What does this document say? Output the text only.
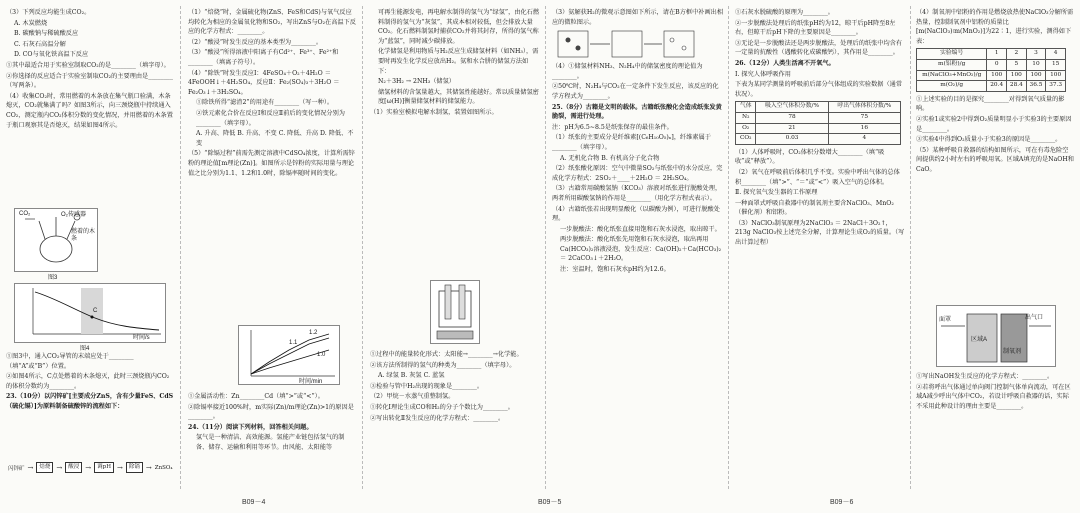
（3）下列反应均能生成CO₂。

A. 木炭燃烧

B. 碳酸钠与稀硫酸反应

C. 石灰石高温分解

D. CO与氧化铁高温下反应

①其中最适合用于实验室制取CO₂的是________（填字母）。

②你选择的反应适合于实验室制取CO₂的主要理由是________（写两条）。

（4）收集CO₂时，常用燃着的木条放在集气瓶口验满，木条熄灭，CO₂就集满了吗？如图3所示，向三颈烧瓶中持续通入CO₂，测定瓶内CO₂体积分数的变化情况，并用燃着的木条置于瓶口观察其是否熄灭，结果如图4所示。

CO₂	O₂传感器
燃着的木条
图3
C
时间/s
图4

①图3中，通入CO₂导管的末端应处于________（填“A”或“B”）位置。

②如图4所示，C点处燃着的木条熄灭，此时三颈烧瓶内CO₂的体积分数约为________。

23.（10分）以闪锌矿[主要成分ZnS，含有少量FeS、CdS（硫化镉）]为原料制备硫酸锌的流程如下：

闪锌矿 →	焙烧 →	酸浸 →	调pH →	除镉 → ZnSO₄

（1）“焙烧”时，金属硫化物(ZnS、FeS和CdS)与氧气反应均转化为相应的金属氧化物和SO₂，写出ZnS与O₂在高温下反应的化学方程式：________。

（2）“酸浸”时发生反应的基本类型为________。

（3）“酸浸”所得溶液中阳离子有Cd²⁺、Fe³⁺、Fe²⁺和________（填离子符号）。

（4）“除铁”时发生反应Ⅰ：4FeSO₄＋O₂＋4H₂O ＝ 4FeOOH↓＋4H₂SO₄，反应Ⅱ：Fe₂(SO₄)₃＋3H₂O ＝ Fe₂O₃↓＋3H₂SO₄。

①除铁所得“滤渣2”的用途有________（写一种）。

②铁元素化合价在反应Ⅰ和反应Ⅱ前后的变化情况分别为________（填字母）。

A. 升高、降低 B. 升高、不变 C. 降低、升高 D. 降低、不变

（5）“除镉过程”前需先测定溶液中CdSO₄浓度，计算所需锌粉的理论值[m理论(Zn)]。如图所示是锌粉的实际用量与理论值之比分别为1.1、1.2和1.0时，除镉率随时间的变化。

1.2
1.1
1.0
时间/min

①金属活动性：Zn________Cd（填“>”或“<”）。

②除镉率接近100%时，m实际(Zn)/m理论(Zn)>1的原因是________。

24.（11分）阅读下列材料，回答相关问题。

氢气是一种清洁、高效能源。氢能产业链包括氢气的制备、储存、运输和利用等环节。由风能、太阳能等

B09－4

可再生能源发电，再电解水制得的氢气为“绿氢”，由化石燃料制得的氢气为“灰氢”，其成本相对较低，但会排放大量CO₂。化石燃料制氢时捕获CO₂并将其封存，所得的氢气称为“蓝氢”，同时减少碳排放。

化学储氢是利用物质与H₂反应生成储氢材料（如NH₃），需要时再发生化学反应放出H₂。氨和水合肼的储氢方法如下：

N₂＋3H₂ → 2NH₃（储氢）

储氢材料的含氢量越大，其储氢性能越好。常以质量储氢密度[ω(H)]衡量储氢材料的储氢能力。

（1）实验室模拟电解水制氢，装置如图所示。

①过程中的能量转化形式：太阳能→________→化学能。

②该方法所制得的氢气的种类为________（填字母）。

A. 绿氢 B. 灰氢 C. 蓝氢

③检验与管中H₂出现的现象是________。

（2）甲烷－水蒸气重整制氢。

①转化Ⅰ理论生成CO和H₂的分子个数比为________。

②写出转化Ⅱ发生反应的化学方程式：________。

（3）氨解获H₂的微观示意图如下所示，请在B方框中补画出相应的微粒图示。

（4）①储氢材料NH₃、N₂H₄中的储氢密度的理论值为________。

②50℃时，N₂H₄与CO₂在一定条件下发生反应，该反应的化学方程式为________。

25.（8分）古籍是文明的载体。古籍纸张酸化会造成纸张发黄脆裂，需进行处理。

注：pH为6.5~8.5是纸张保存的最佳条件。

（1）纸张的主要成分是纤维素[(C₆H₁₀O₅)ₙ]，纤维素属于________（填字母）。

A. 无机化合物 B. 有机高分子化合物

（2）纸张酸化原因：空气中微量SO₂与纸张中的水分反应，完成化学方程式：2SO₂＋____＋2H₂O ＝ 2H₂SO₄。

（3）古籍常用碳酸氢钠（KCO₃）溶液对纸张进行脱酸处理，两者所用碳酸氢钠的作用是________（用化学方程式表示）。

（4）古籍纸张若出现明显酸化（以碳酸为例），可进行脱酸处理。

一步脱酸法：酸化纸张直接用饱和石灰水浸泡，取出晾干。

两步脱酸法：酸化纸张先用饱和石灰水浸泡，取出再用Ca(HCO₃)₂溶液浸泡，发生反应：Ca(OH)₂＋Ca(HCO₃)₂ ＝ 2CaCO₃↓＋2H₂O。

注：室温时，饱和石灰水pH约为12.6。

B09－5

①石灰水脱硫酸的原理为________。

②一步脱酸法处理后的纸张pH约为12，晾干后pH降至8左右，但晾干后pH下降的主要原因是________。

③无论是一步脱酸法还是两步脱酸法，处理后的纸张中均含有一定量的抗酸性（遇酸转化成碳酸钙），其作用是________。

26.（12分）人类生活离不开氧气。

Ⅰ. 探究人体呼吸作用

下表为某同学测量的呼吸前后部分气体组成的实验数据（通常状况）。

气体	吸入空气体积分数/%	呼出气体体积分数/%
N₂	78	75
O₂	21	16
CO₂	0.03	4

（1）人体呼吸时，CO₂体积分数增大________（填“吸收”或“释放”）。

（2）氧气在呼吸前后体积几乎不变。实验中呼出气体的总体积________（填“>”、“＝”或“<”）吸入空气的总体积。

Ⅱ. 探究氧气发生器的工作原理

一种面罩式呼吸自救器中的制氧剂主要含NaClO₃、MnO₂（催化剂）和铝粉。

（3）NaClO₃制氧原理为2NaClO₃ ＝ 2NaCl＋3O₂↑，213g NaClO₃按上述完全分解，计算理论生成O₂的质量。（写出计算过程）

（4）制氧剂中铝粉的作用是燃烧放热使NaClO₃分解所需热量，控制制氧剂中铝粉的质量比[m(NaClO₃)∶m(MnO₂)]为22∶1，进行实验，测得如下表：

实验编号	1	2	3	4
m(铝粉)/g	0	5	10	15
m(NaClO₃+MnO₂)/g	100	100	100	100
m(O₂)/g	20.4	28.4	36.5	37.3

①上述实验的目的是探究________对得到氧气质量的影响。

②实验1或实验2中得到O₂质量明显小于实验3的主要原因是________。

③实验4中得到O₂质量小于实验3的原因是________。

（5）某种呼吸自救器的结构如图所示，可在有毒危险空间提供约2小时左右的呼吸用氧。区域A填充的是NaOH和CaO。

区域A
制氧剂
面罩	出气口

①写出NaOH发生反应的化学方程式：________。

②若将呼出气体通过单向阀门控制气体单向流动，可在区域A减少呼出气体中CO₂，若设计呼吸自救器的话，实际不采用此种设计的理由主要是________。

B09－6
